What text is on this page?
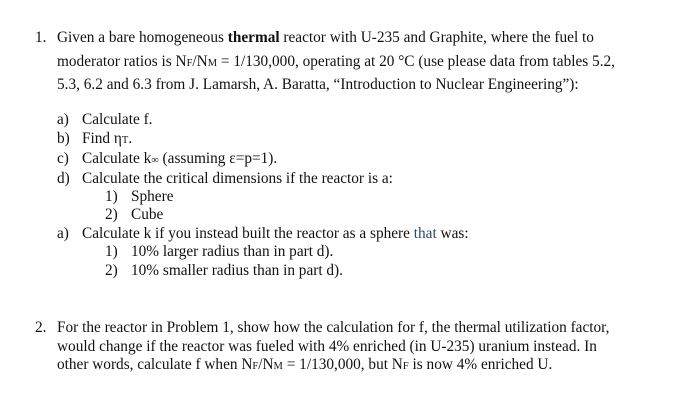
1. Given a bare homogeneous thermal reactor with U-235 and Graphite, where the fuel to
moderator ratios is NF/NM = 1/130,000, operating at 20 °C (use please data from tables 5.2,
5.3, 6.2 and 6.3 from J. Lamarsh, A. Baratta, “Introduction to Nuclear Engineering”):
a) Calculate f.
b) Find ηT.
c) Calculate k∞ (assuming ε=p=1).
d) Calculate the critical dimensions if the reactor is a:
1) Sphere
2) Cube
a) Calculate k if you instead built the reactor as a sphere that was:
1) 10% larger radius than in part d).
2) 10% smaller radius than in part d).
2. For the reactor in Problem 1, show how the calculation for f, the thermal utilization factor,
would change if the reactor was fueled with 4% enriched (in U-235) uranium instead. In
other words, calculate f when NF/NM = 1/130,000, but NF is now 4% enriched U.
